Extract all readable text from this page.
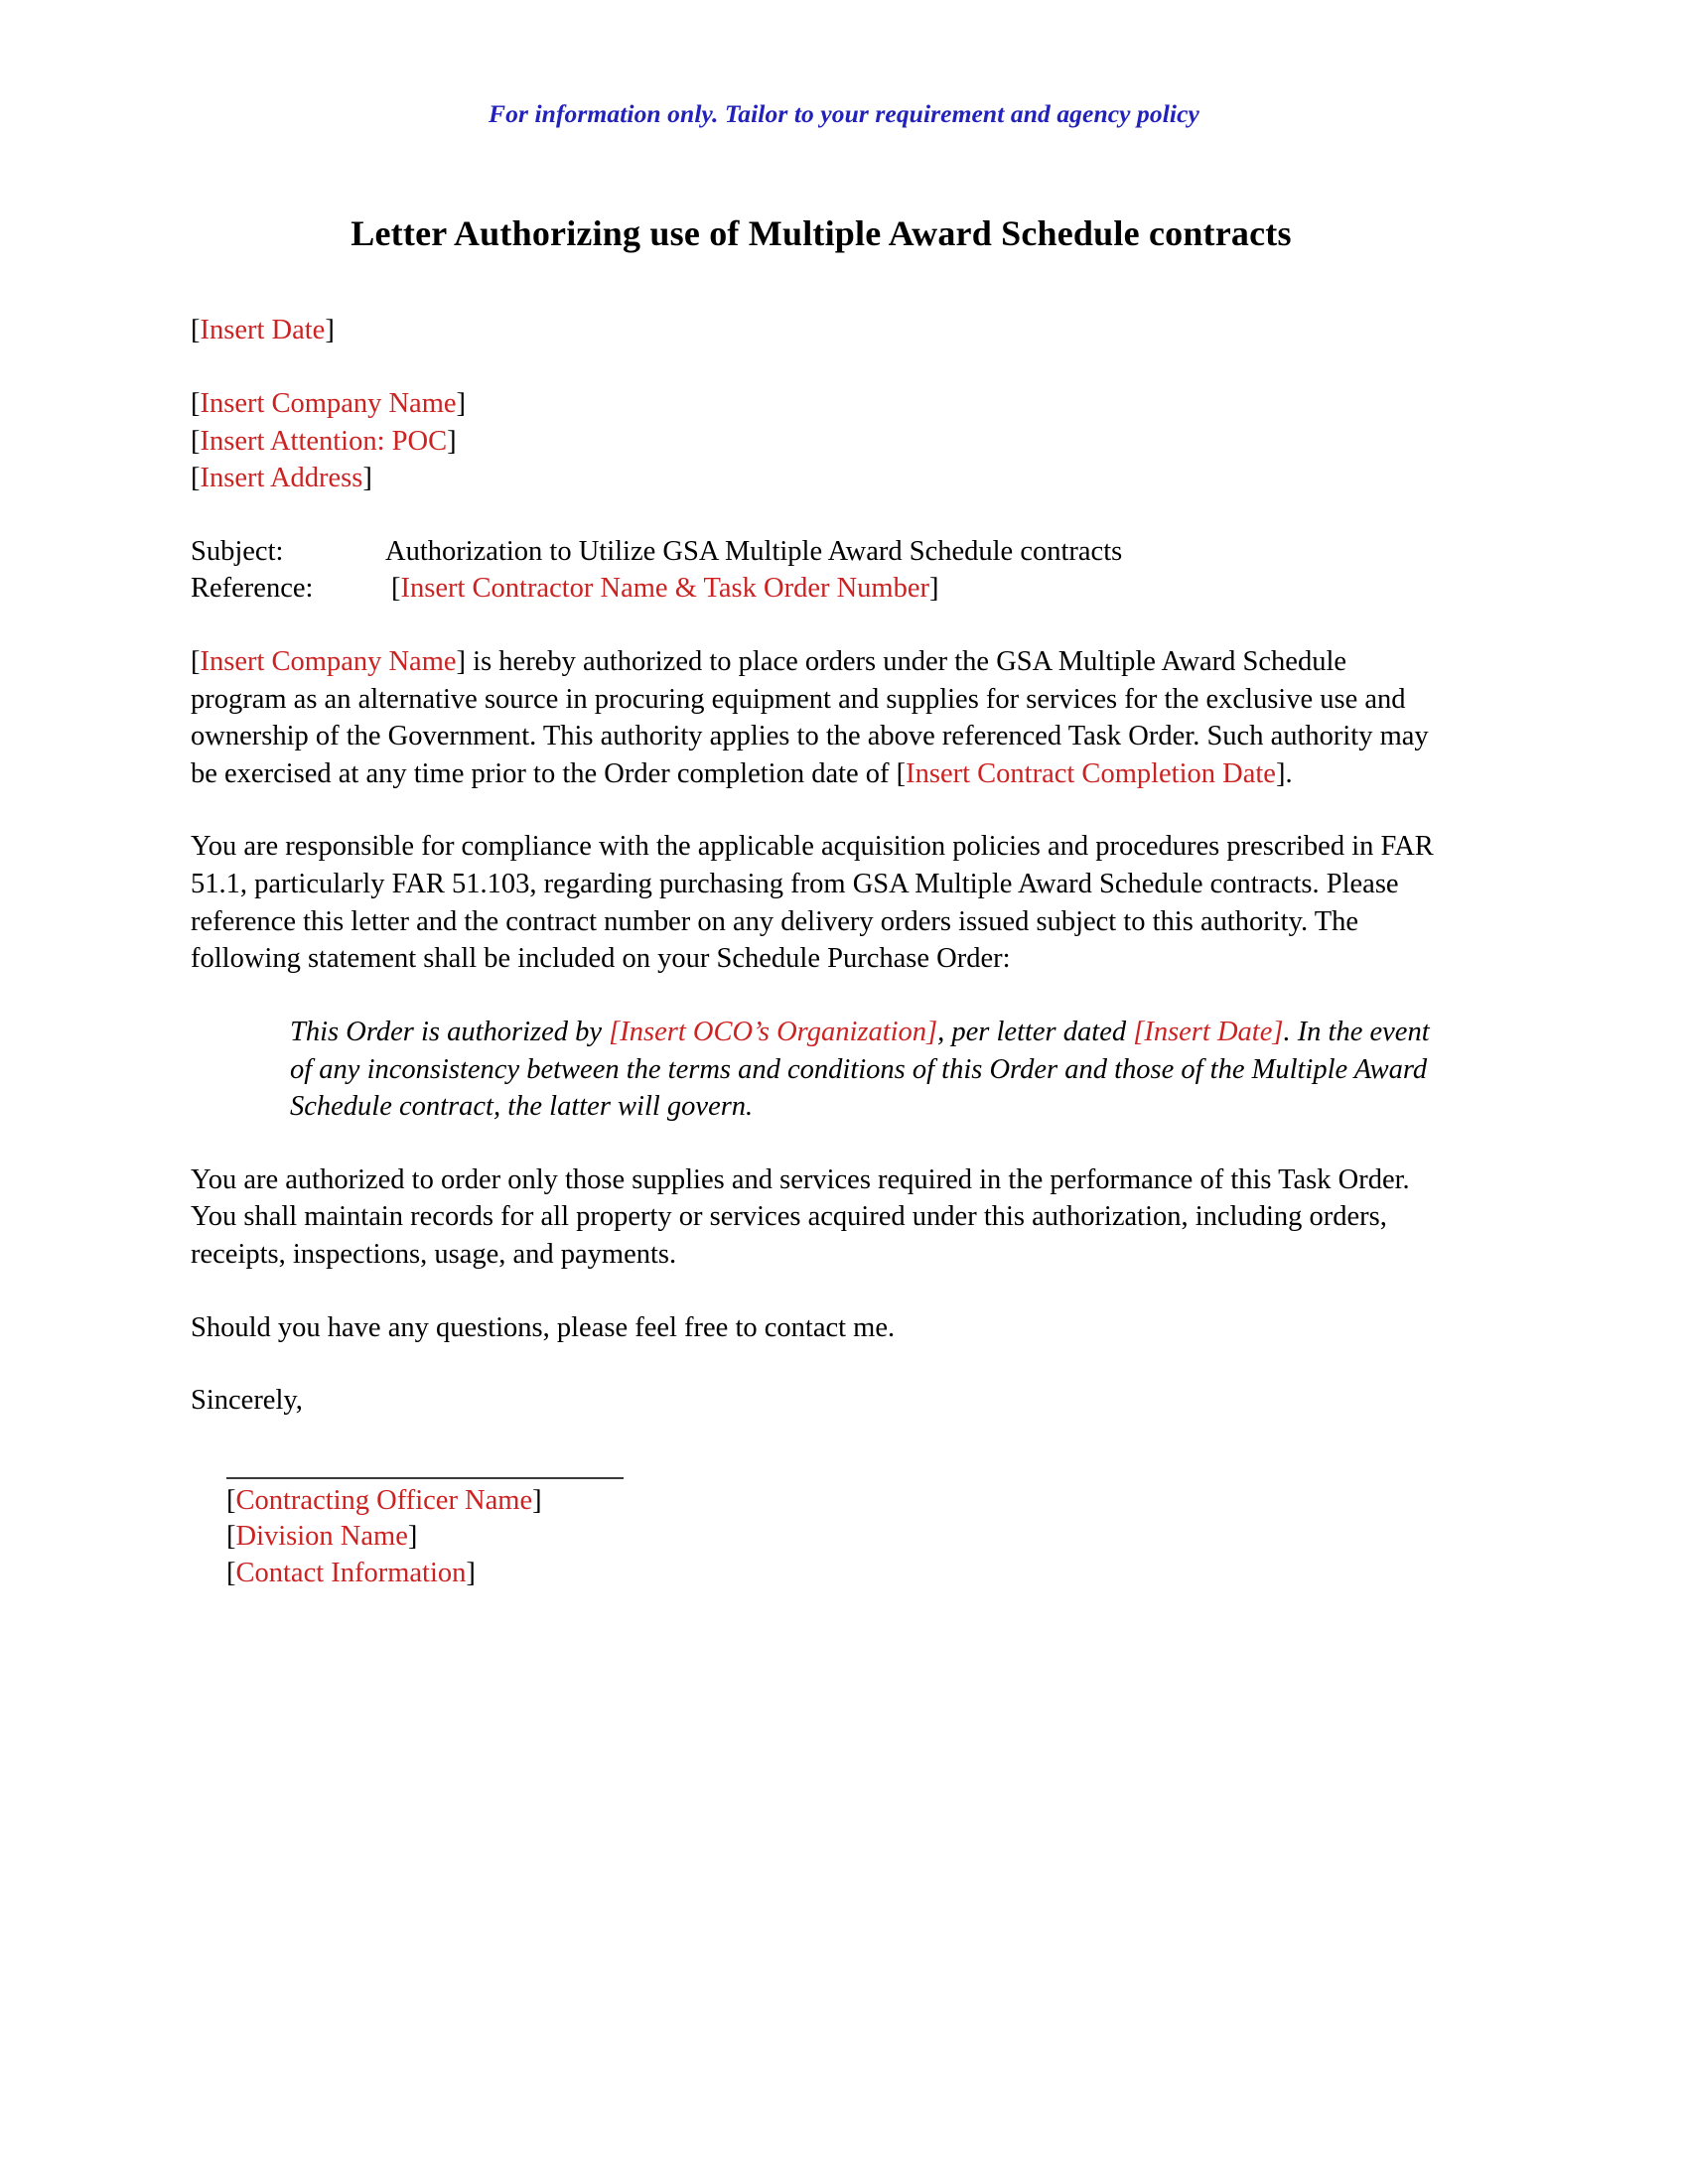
For information only. Tailor to your requirement and agency policy
Letter Authorizing use of Multiple Award Schedule contracts

[Insert Date]

[Insert Company Name]

[Insert Attention: POC]

[Insert Address]

Subject:	Authorization to Utilize GSA Multiple Award Schedule contracts
Reference:	[Insert Contractor Name & Task Order Number]

[Insert Company Name] is hereby authorized to place orders under the GSA Multiple Award Schedule program as an alternative source in procuring equipment and supplies for services for the exclusive use and ownership of the Government. This authority applies to the above referenced Task Order. Such authority may be exercised at any time prior to the Order completion date of [Insert Contract Completion Date].

You are responsible for compliance with the applicable acquisition policies and procedures prescribed in FAR 51.1, particularly FAR 51.103, regarding purchasing from GSA Multiple Award Schedule contracts. Please reference this letter and the contract number on any delivery orders issued subject to this authority. The following statement shall be included on your Schedule Purchase Order:

This Order is authorized by [Insert OCO’s Organization], per letter dated [Insert Date]. In the event of any inconsistency between the terms and conditions of this Order and those of the Multiple Award Schedule contract, the latter will govern.

You are authorized to order only those supplies and services required in the performance of this Task Order. You shall maintain records for all property or services acquired under this authorization, including orders, receipts, inspections, usage, and payments.

Should you have any questions, please feel free to contact me.

Sincerely,

[Contracting Officer Name]

[Division Name]

[Contact Information]
